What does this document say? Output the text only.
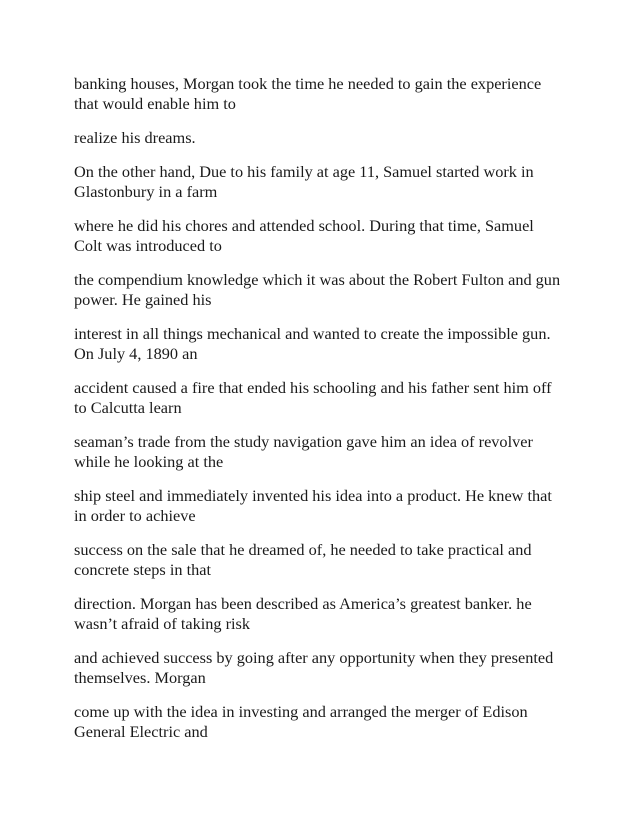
banking houses, Morgan took the time he needed to gain the experience that would enable him to

realize his dreams.

On the other hand, Due to his family at age 11, Samuel started work in Glastonbury in a farm

where he did his chores and attended school. During that time, Samuel Colt was introduced to

the compendium knowledge which it was about the Robert Fulton and gun power. He gained his

interest in all things mechanical and wanted to create the impossible gun. On July 4, 1890 an

accident caused a fire that ended his schooling and his father sent him off to Calcutta learn

seaman’s trade from the study navigation gave him an idea of revolver while he looking at the

ship steel and immediately invented his idea into a product. He knew that in order to achieve

success on the sale that he dreamed of, he needed to take practical and concrete steps in that

direction. Morgan has been described as America’s greatest banker. he wasn’t afraid of taking risk

and achieved success by going after any opportunity when they presented themselves. Morgan

come up with the idea in investing and arranged the merger of Edison General Electric and
